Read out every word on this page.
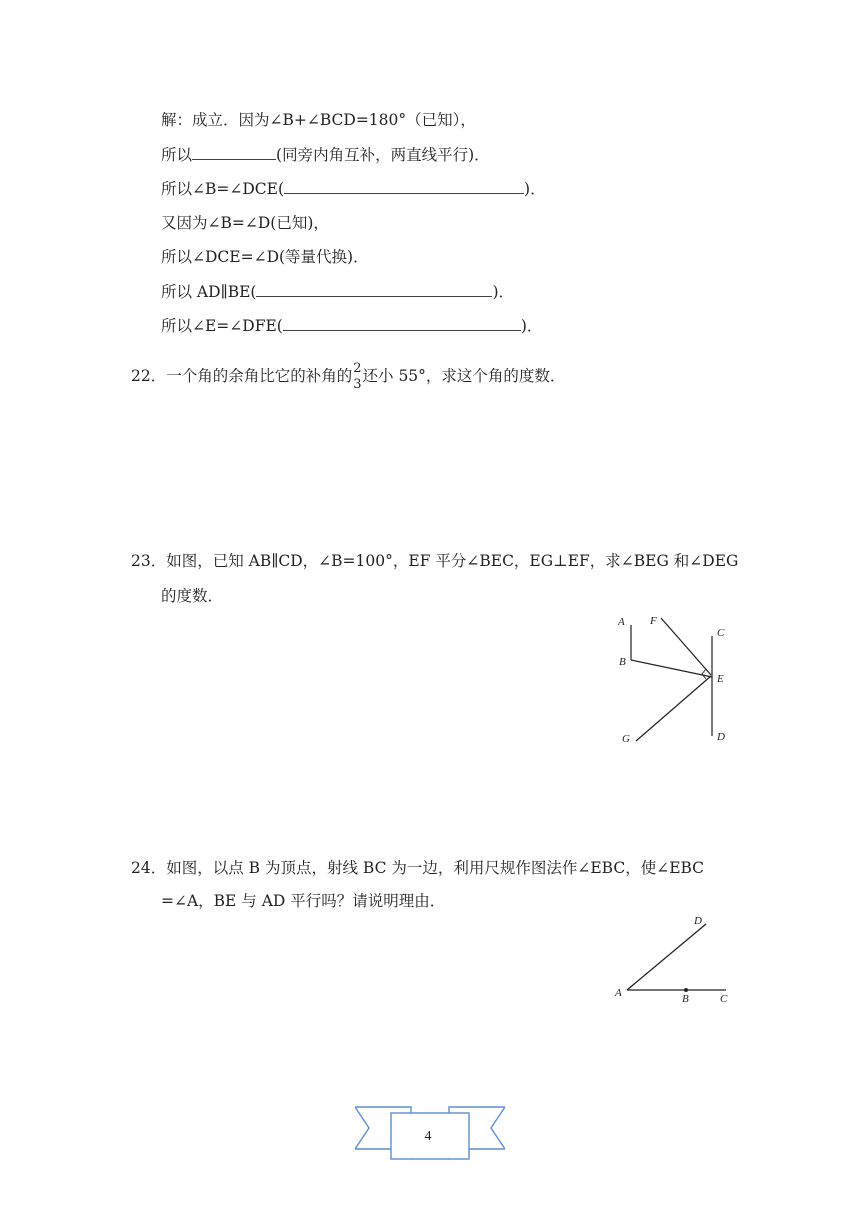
解：成立．因为∠B+∠BCD=180°（已知），
所以	(同旁内角互补，两直线平行)．
所以∠B=∠DCE(	)．
又因为∠B=∠D(已知)，
所以∠DCE=∠D(等量代换)．
所以 AD∥BE(	)．
所以∠E=∠DFE(	)．
22．一个角的余角比它的补角的 2
3 还小 55°，求这个角的度数．
23．如图，已知 AB∥CD，∠B=100°，EF 平分∠BEC，EG⊥EF，求∠BEG 和∠DEG
的度数．
A F
C
B
E
G	D
24．如图，以点 B 为顶点，射线 BC 为一边，利用尺规作图法作∠EBC，使∠EBC
=∠A，BE 与 AD 平行吗？请说明理由．
D
A	B	C
4
